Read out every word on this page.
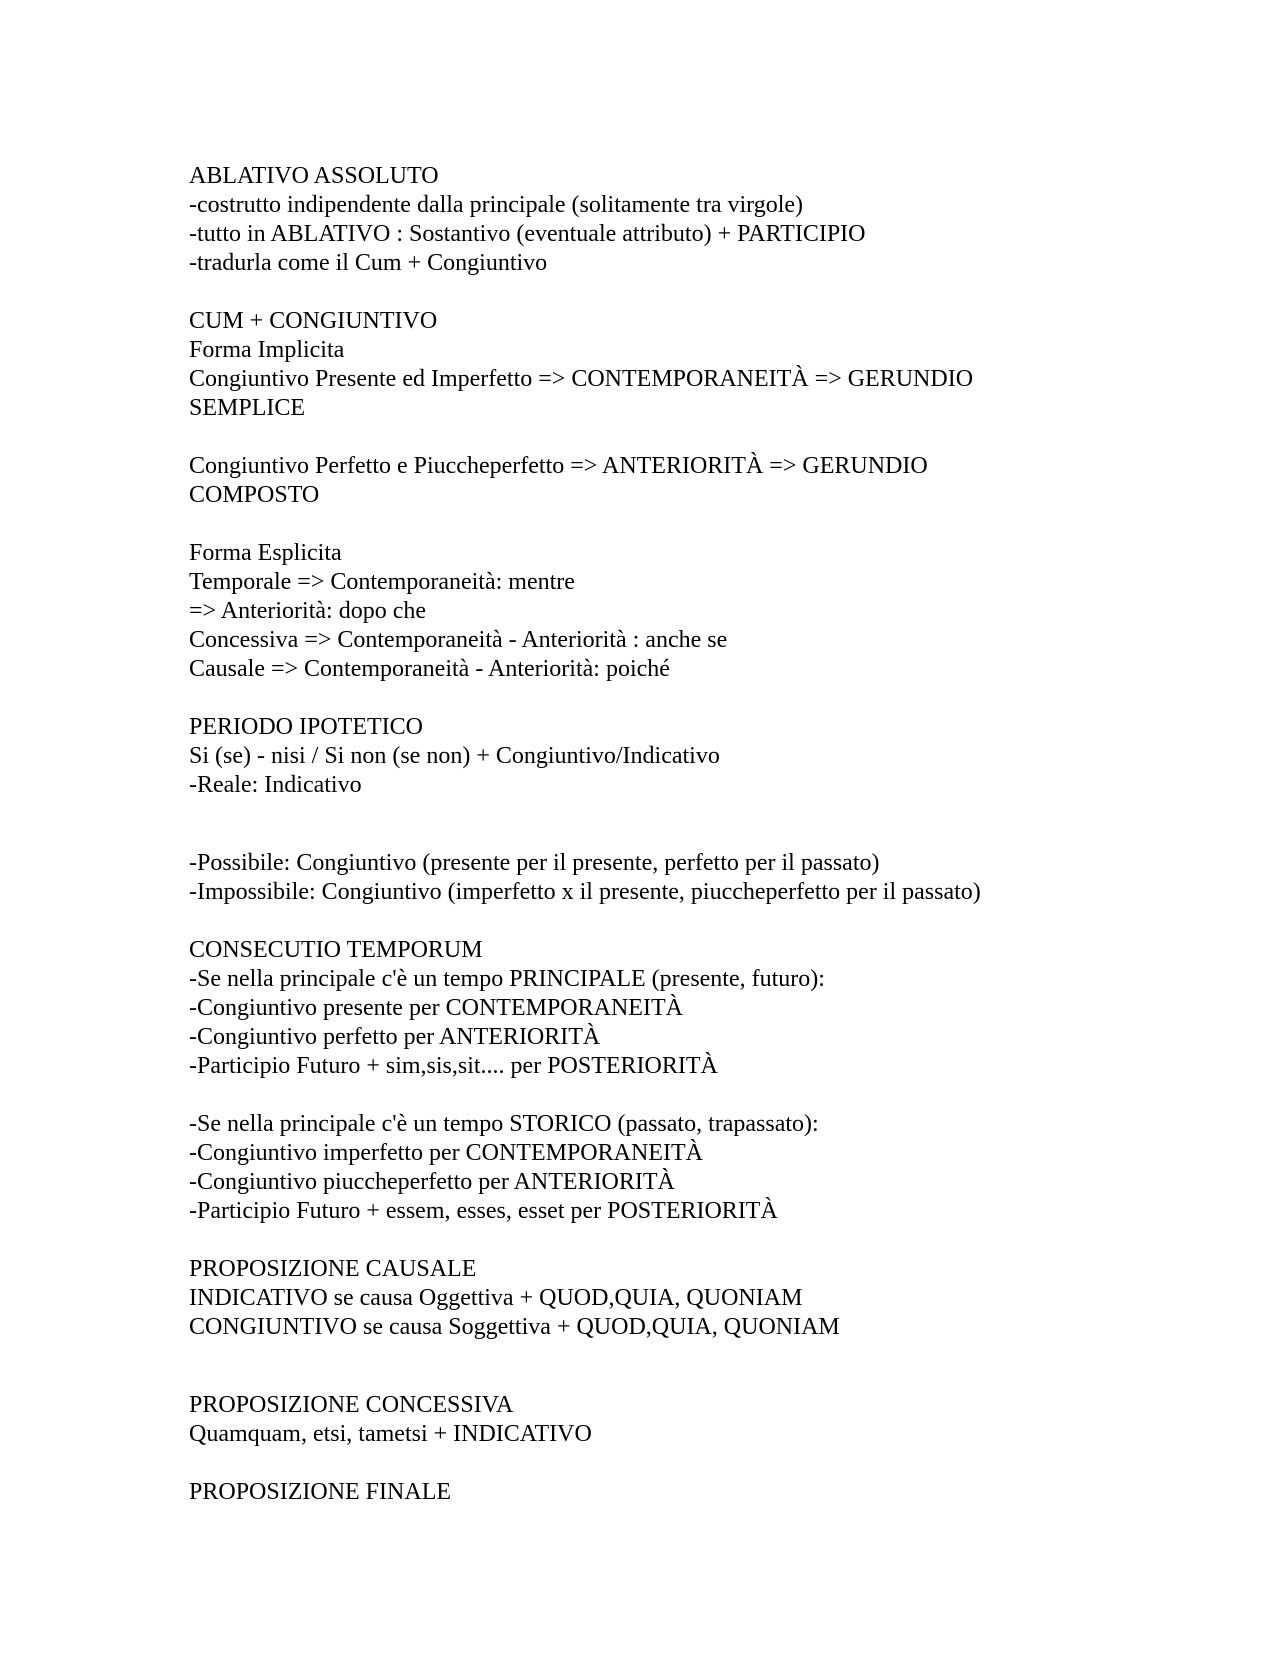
ABLATIVO ASSOLUTO
-costrutto indipendente dalla principale (solitamente tra virgole)
-tutto in ABLATIVO : Sostantivo (eventuale attributo) + PARTICIPIO
-tradurla come il Cum + Congiuntivo
CUM + CONGIUNTIVO
Forma Implicita
Congiuntivo Presente ed Imperfetto => CONTEMPORANEITÀ => GERUNDIO
SEMPLICE
Congiuntivo Perfetto e Piuccheperfetto => ANTERIORITÀ => GERUNDIO
COMPOSTO
Forma Esplicita
Temporale => Contemporaneità: mentre
=> Anteriorità: dopo che
Concessiva => Contemporaneità - Anteriorità : anche se
Causale => Contemporaneità - Anteriorità: poiché
PERIODO IPOTETICO
Si (se) - nisi / Si non (se non) + Congiuntivo/Indicativo
-Reale: Indicativo
-Possibile: Congiuntivo (presente per il presente, perfetto per il passato)
-Impossibile: Congiuntivo (imperfetto x il presente, piuccheperfetto per il passato)
CONSECUTIO TEMPORUM
-Se nella principale c'è un tempo PRINCIPALE (presente, futuro):
-Congiuntivo presente per CONTEMPORANEITÀ
-Congiuntivo perfetto per ANTERIORITÀ
-Participio Futuro + sim,sis,sit.... per POSTERIORITÀ
-Se nella principale c'è un tempo STORICO (passato, trapassato):
-Congiuntivo imperfetto per CONTEMPORANEITÀ
-Congiuntivo piuccheperfetto per ANTERIORITÀ
-Participio Futuro + essem, esses, esset per POSTERIORITÀ
PROPOSIZIONE CAUSALE
INDICATIVO se causa Oggettiva + QUOD,QUIA, QUONIAM
CONGIUNTIVO se causa Soggettiva + QUOD,QUIA, QUONIAM
PROPOSIZIONE CONCESSIVA
Quamquam, etsi, tametsi + INDICATIVO
PROPOSIZIONE FINALE
